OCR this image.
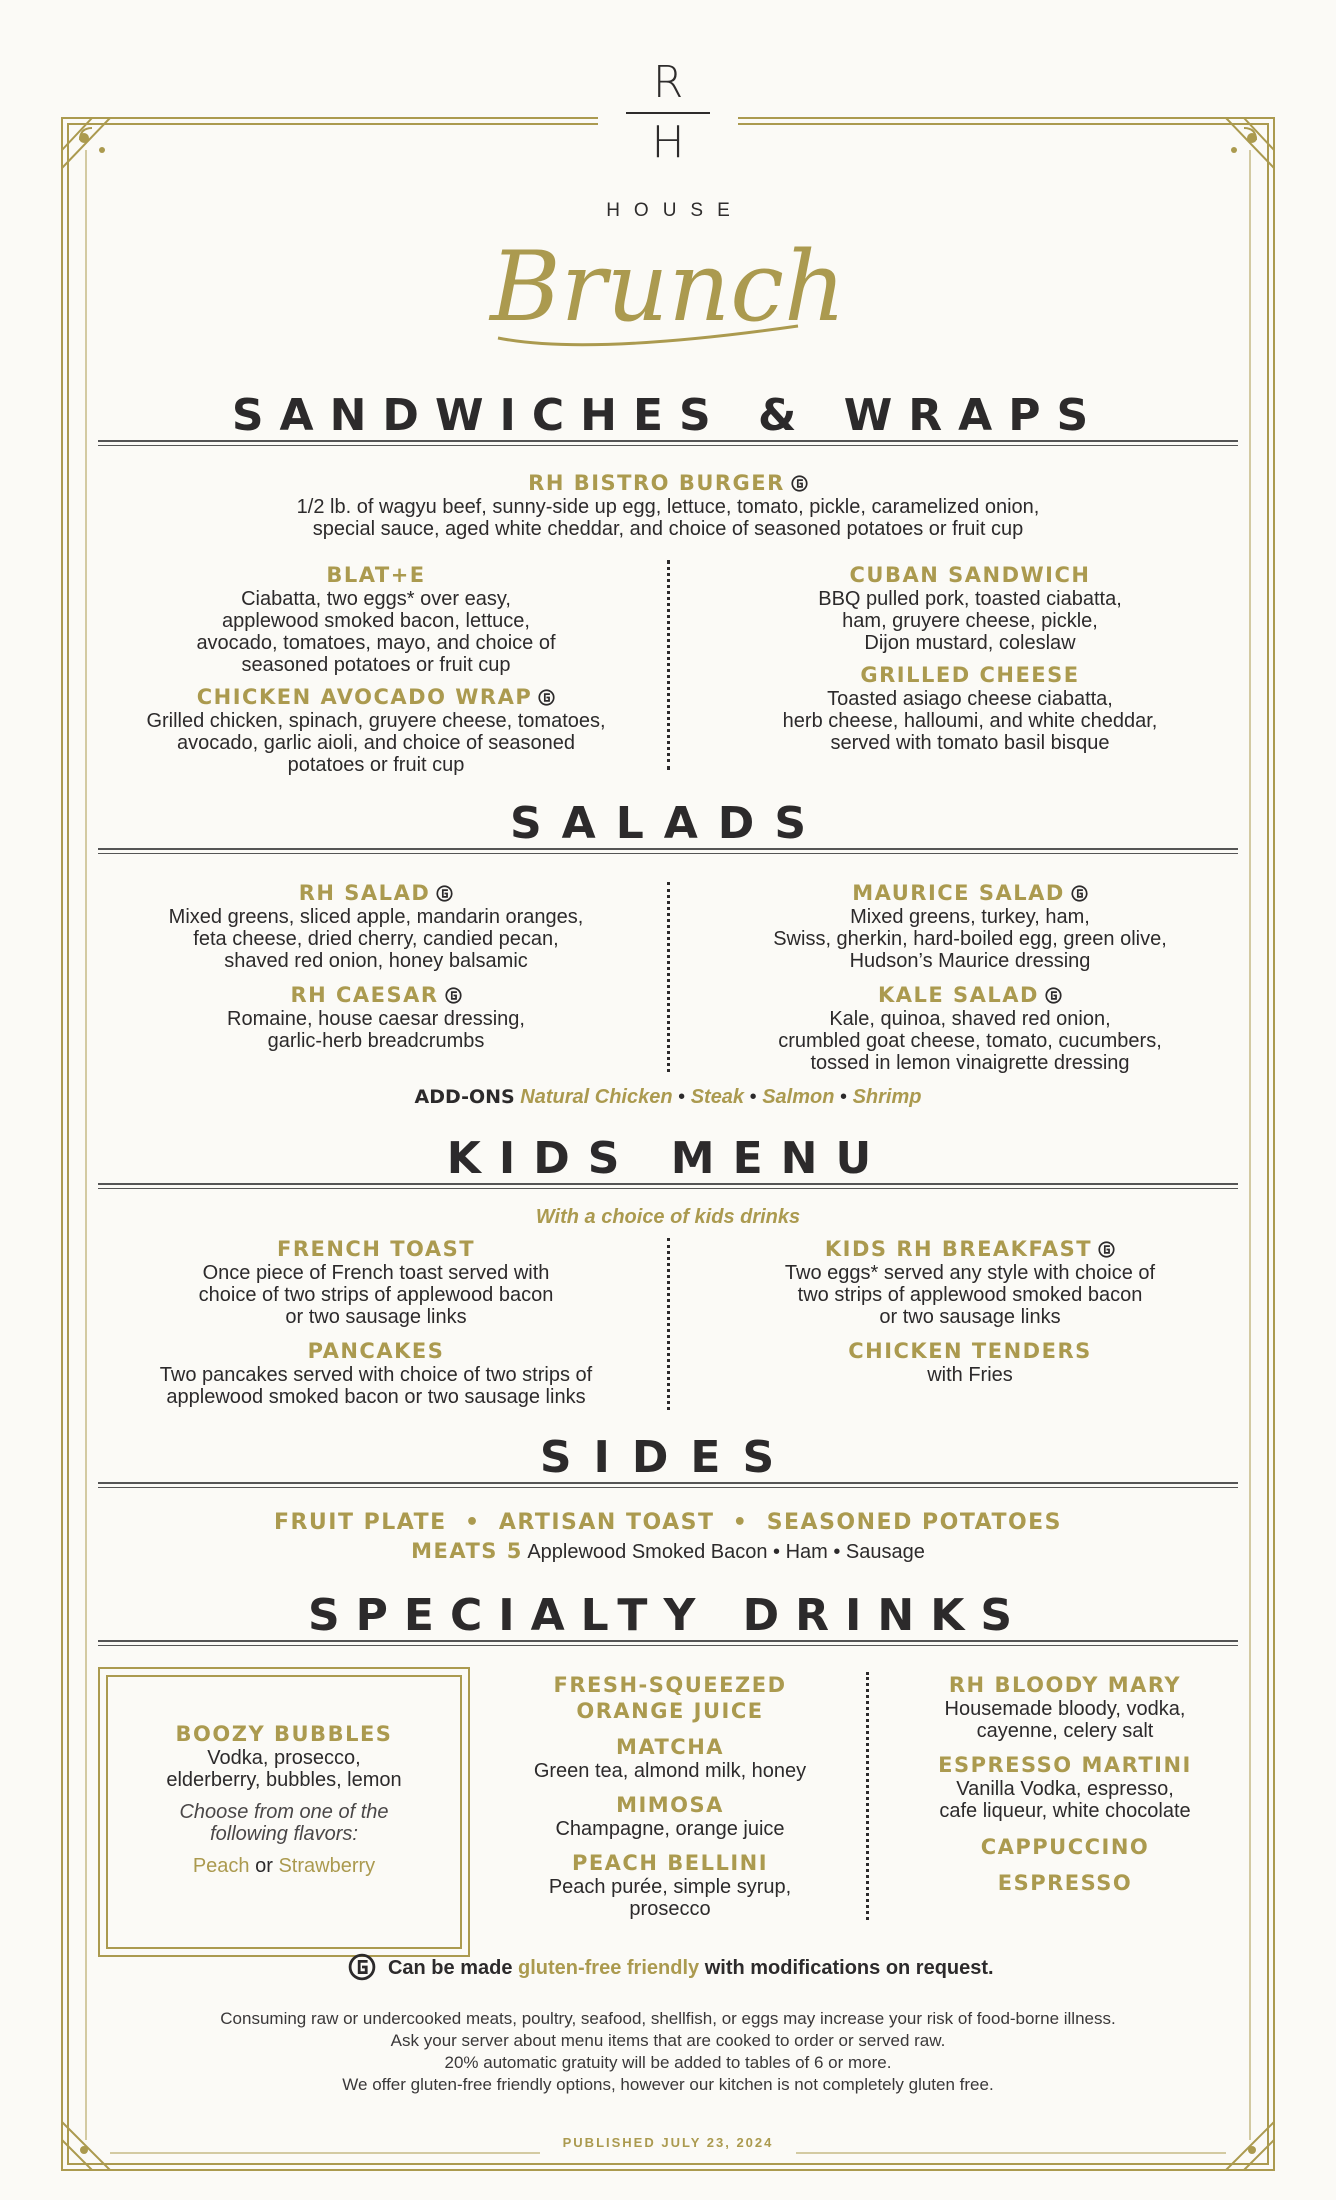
R
H
HOUSE
Brunch
SANDWICHES & WRAPS
RH BISTRO BURGER
1/2 lb. of wagyu beef, sunny-side up egg, lettuce, tomato, pickle, caramelized onion,
special sauce, aged white cheddar, and choice of seasoned potatoes or fruit cup
BLAT+E
Ciabatta, two eggs* over easy,
applewood smoked bacon, lettuce,
avocado, tomatoes, mayo, and choice of
seasoned potatoes or fruit cup
CHICKEN AVOCADO WRAP
Grilled chicken, spinach, gruyere cheese, tomatoes,
avocado, garlic aioli, and choice of seasoned
potatoes or fruit cup
CUBAN SANDWICH
BBQ pulled pork, toasted ciabatta,
ham, gruyere cheese, pickle,
Dijon mustard, coleslaw
GRILLED CHEESE
Toasted asiago cheese ciabatta,
herb cheese, halloumi, and white cheddar,
served with tomato basil bisque
SALADS
RH SALAD
Mixed greens, sliced apple, mandarin oranges,
feta cheese, dried cherry, candied pecan,
shaved red onion, honey balsamic
RH CAESAR
Romaine, house caesar dressing,
garlic-herb breadcrumbs
MAURICE SALAD
Mixed greens, turkey, ham,
Swiss, gherkin, hard-boiled egg, green olive,
Hudson’s Maurice dressing
KALE SALAD
Kale, quinoa, shaved red onion,
crumbled goat cheese, tomato, cucumbers,
tossed in lemon vinaigrette dressing
ADD-ONS Natural Chicken • Steak • Salmon • Shrimp
KIDS MENU
With a choice of kids drinks
FRENCH TOAST
Once piece of French toast served with
choice of two strips of applewood bacon
or two sausage links
PANCAKES
Two pancakes served with choice of two strips of
applewood smoked bacon or two sausage links
KIDS RH BREAKFAST
Two eggs* served any style with choice of
two strips of applewood smoked bacon
or two sausage links
CHICKEN TENDERS
with Fries
SIDES
FRUIT PLATE • ARTISAN TOAST • SEASONED POTATOES
MEATS 5 Applewood Smoked Bacon • Ham • Sausage
SPECIALTY DRINKS
BOOZY BUBBLES
Vodka, prosecco,
elderberry, bubbles, lemon
Choose from one of the
following flavors:
Peach or Strawberry
FRESH-SQUEEZED
ORANGE JUICE
MATCHA
Green tea, almond milk, honey
MIMOSA
Champagne, orange juice
PEACH BELLINI
Peach purée, simple syrup,
prosecco
RH BLOODY MARY
Housemade bloody, vodka,
cayenne, celery salt
ESPRESSO MARTINI
Vanilla Vodka, espresso,
cafe liqueur, white chocolate
CAPPUCCINO
ESPRESSO
Can be made gluten-free friendly with modifications on request.
Consuming raw or undercooked meats, poultry, seafood, shellfish, or eggs may increase your risk of food-borne illness.
Ask your server about menu items that are cooked to order or served raw.
20% automatic gratuity will be added to tables of 6 or more.
We offer gluten-free friendly options, however our kitchen is not completely gluten free.
PUBLISHED JULY 23, 2024
